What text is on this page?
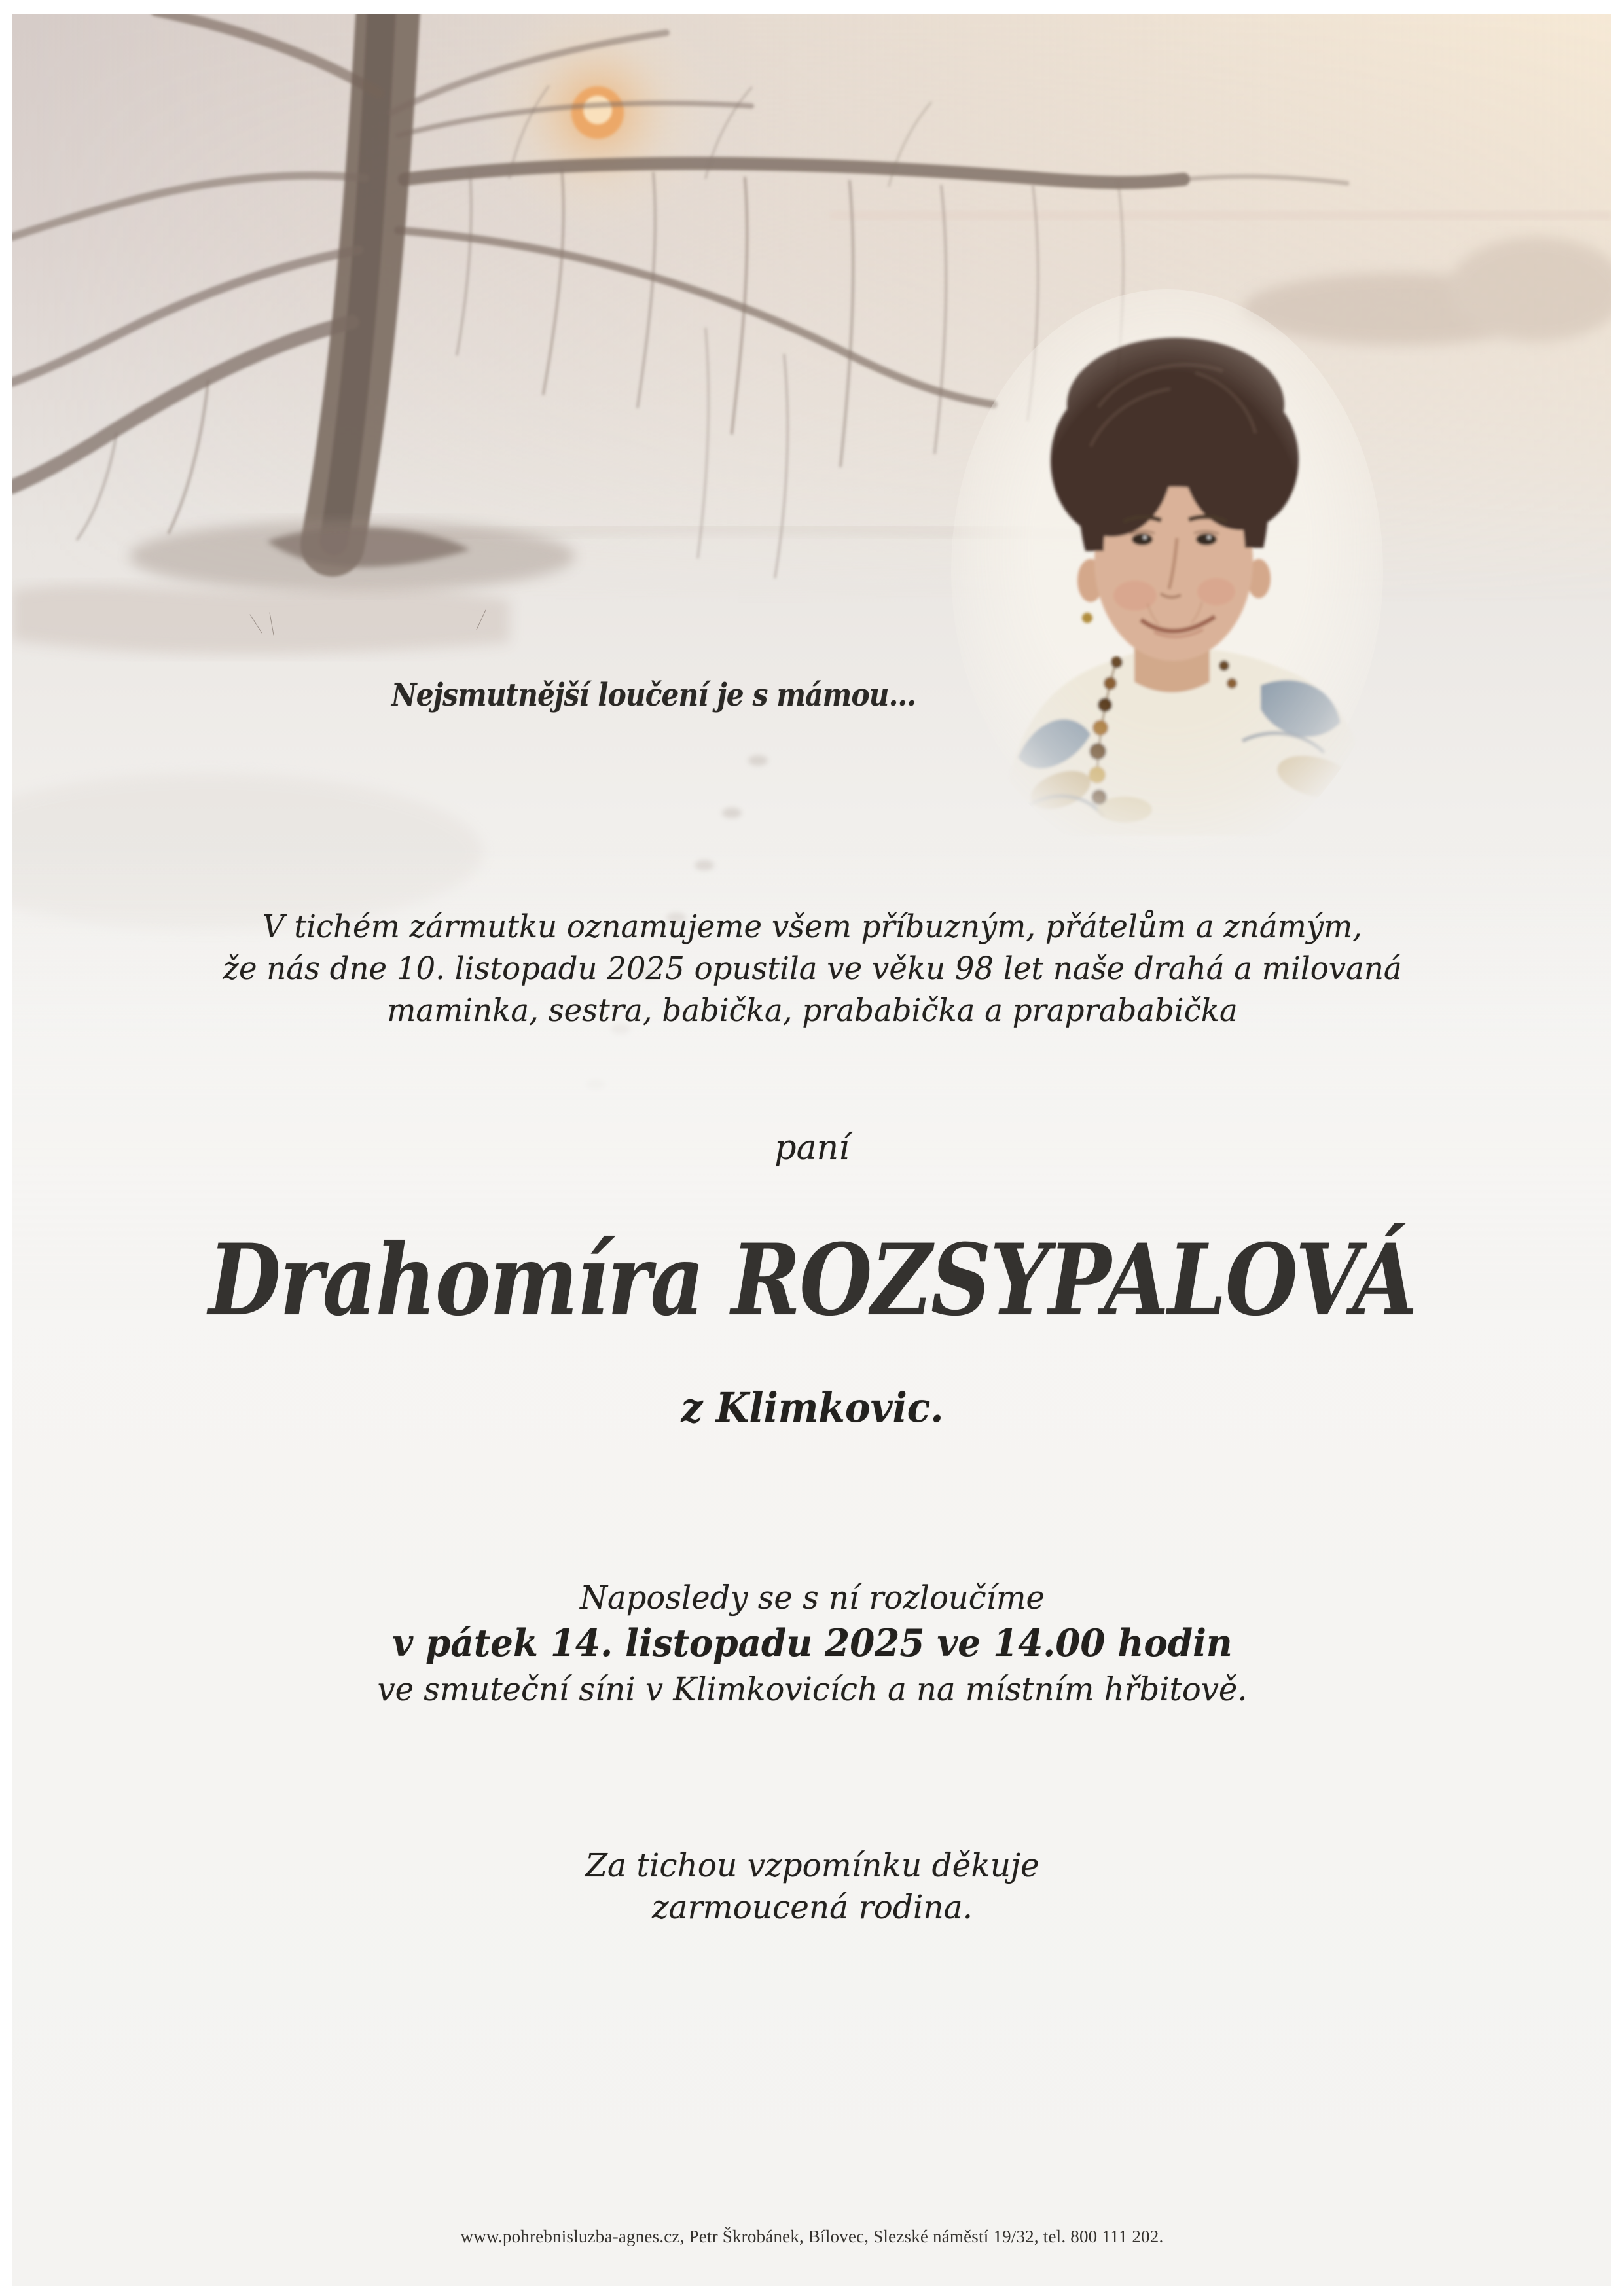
Nejsmutnější loučení je s mámou...
V tichém zármutku oznamujeme všem příbuzným, přátelům a známým,
že nás dne 10. listopadu 2025 opustila ve věku 98 let naše drahá a milovaná
maminka, sestra, babička, prababička a praprababička
paní
Drahomíra ROZSYPALOVÁ
z Klimkovic.
Naposledy se s ní rozloučíme
v pátek 14. listopadu 2025 ve 14.00 hodin
ve smuteční síni v Klimkovicích a na místním hřbitově.
Za tichou vzpomínku děkuje
zarmoucená rodina.
www.pohrebnisluzba-agnes.cz, Petr Škrobánek, Bílovec, Slezské náměstí 19/32, tel. 800 111 202.
